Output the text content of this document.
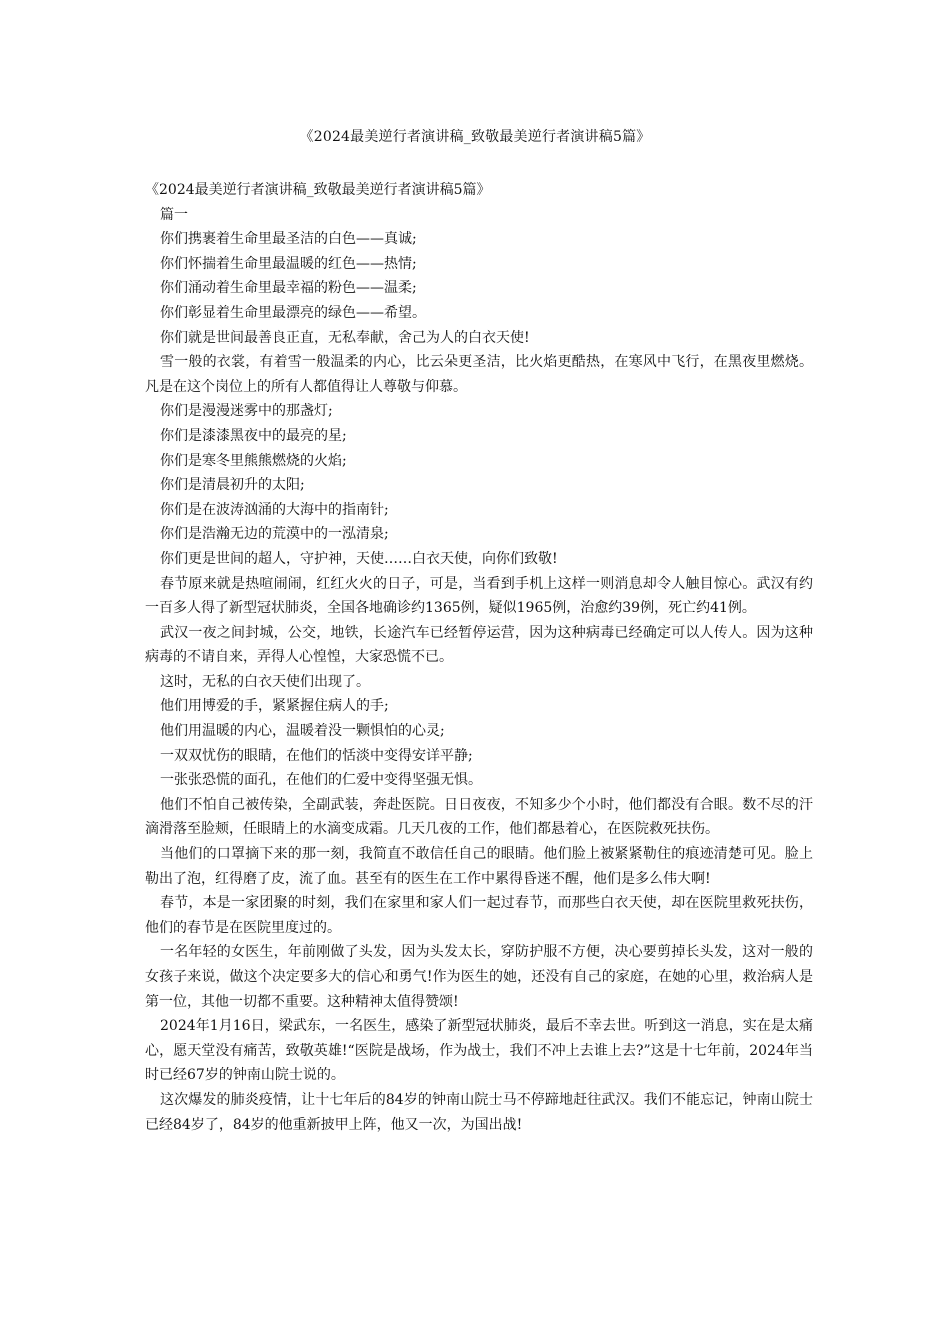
《2024最美逆行者演讲稿_致敬最美逆行者演讲稿5篇》

《2024最美逆行者演讲稿_致敬最美逆行者演讲稿5篇》

篇一

你们携裹着生命里最圣洁的白色——真诚;

你们怀揣着生命里最温暖的红色——热情;

你们涌动着生命里最幸福的粉色——温柔;

你们彰显着生命里最漂亮的绿色——希望。

你们就是世间最善良正直，无私奉献，舍己为人的白衣天使!

雪一般的衣裳，有着雪一般温柔的内心，比云朵更圣洁，比火焰更酷热，在寒风中飞行，在黑夜里燃烧。凡是在这个岗位上的所有人都值得让人尊敬与仰慕。

你们是漫漫迷雾中的那盏灯;

你们是漆漆黑夜中的最亮的星;

你们是寒冬里熊熊燃烧的火焰;

你们是清晨初升的太阳;

你们是在波涛汹涌的大海中的指南针;

你们是浩瀚无边的荒漠中的一泓清泉;

你们更是世间的超人，守护神，天使……白衣天使，向你们致敬!

春节原来就是热喧闹闹，红红火火的日子，可是，当看到手机上这样一则消息却令人触目惊心。武汉有约一百多人得了新型冠状肺炎，全国各地确诊约1365例，疑似1965例，治愈约39例，死亡约41例。

武汉一夜之间封城，公交，地铁，长途汽车已经暂停运营，因为这种病毒已经确定可以人传人。因为这种病毒的不请自来，弄得人心惶惶，大家恐慌不已。

这时，无私的白衣天使们出现了。

他们用博爱的手，紧紧握住病人的手;

他们用温暖的内心，温暖着没一颗惧怕的心灵;

一双双忧伤的眼睛，在他们的恬淡中变得安详平静;

一张张恐慌的面孔，在他们的仁爱中变得坚强无惧。

他们不怕自己被传染，全副武装，奔赴医院。日日夜夜，不知多少个小时，他们都没有合眼。数不尽的汗滴滑落至脸颊，任眼睛上的水滴变成霜。几天几夜的工作，他们都悬着心，在医院救死扶伤。

当他们的口罩摘下来的那一刻，我简直不敢信任自己的眼睛。他们脸上被紧紧勒住的痕迹清楚可见。脸上勒出了泡，红得磨了皮，流了血。甚至有的医生在工作中累得昏迷不醒，他们是多么伟大啊!

春节，本是一家团聚的时刻，我们在家里和家人们一起过春节，而那些白衣天使，却在医院里救死扶伤，他们的春节是在医院里度过的。

一名年轻的女医生，年前刚做了头发，因为头发太长，穿防护服不方便，决心要剪掉长头发，这对一般的女孩子来说，做这个决定要多大的信心和勇气!作为医生的她，还没有自己的家庭，在她的心里，救治病人是第一位，其他一切都不重要。这种精神太值得赞颂!

2024年1月16日，梁武东，一名医生，感染了新型冠状肺炎，最后不幸去世。听到这一消息，实在是太痛心，愿天堂没有痛苦，致敬英雄!“医院是战场，作为战士，我们不冲上去谁上去?”这是十七年前，2024年当时已经67岁的钟南山院士说的。

这次爆发的肺炎疫情，让十七年后的84岁的钟南山院士马不停蹄地赶往武汉。我们不能忘记，钟南山院士已经84岁了，84岁的他重新披甲上阵，他又一次，为国出战!
